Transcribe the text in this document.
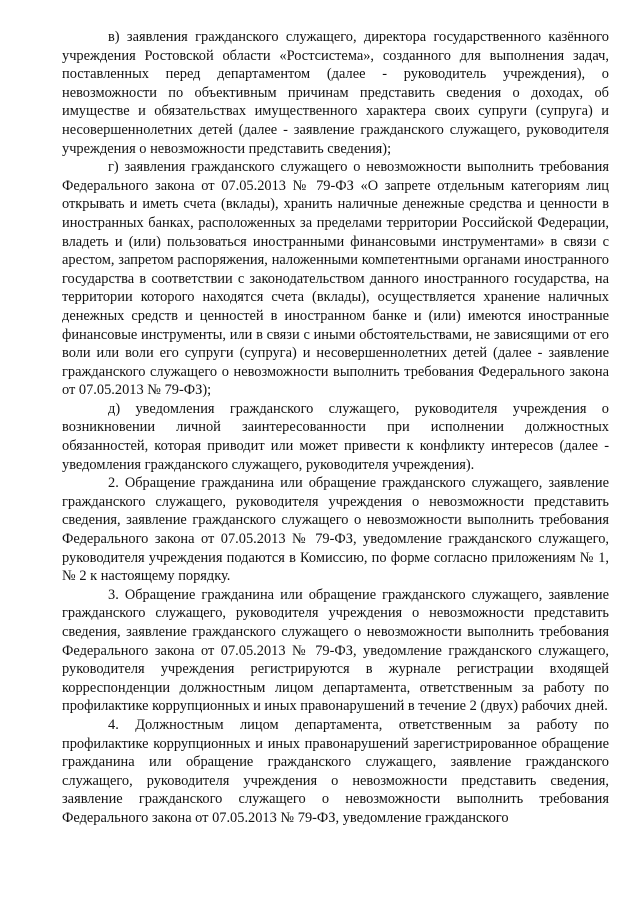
в) заявления гражданского служащего, директора государственного казённого учреждения Ростовской области «Ростсистема», созданного для выполнения задач, поставленных перед департаментом (далее - руководитель учреждения), о невозможности по объективным причинам представить сведения о доходах, об имуществе и обязательствах имущественного характера своих супруги (супруга) и несовершеннолетних детей (далее - заявление гражданского служащего, руководителя учреждения о невозможности представить сведения);

г) заявления гражданского служащего о невозможности выполнить требования Федерального закона от 07.05.2013 № 79-ФЗ «О запрете отдельным категориям лиц открывать и иметь счета (вклады), хранить наличные денежные средства и ценности в иностранных банках, расположенных за пределами территории Российской Федерации, владеть и (или) пользоваться иностранными финансовыми инструментами» в связи с арестом, запретом распоряжения, наложенными компетентными органами иностранного государства в соответствии с законодательством данного иностранного государства, на территории которого находятся счета (вклады), осуществляется хранение наличных денежных средств и ценностей в иностранном банке и (или) имеются иностранные финансовые инструменты, или в связи с иными обстоятельствами, не зависящими от его воли или воли его супруги (супруга) и несовершеннолетних детей (далее - заявление гражданского служащего о невозможности выполнить требования Федерального закона от 07.05.2013 № 79-ФЗ);

д) уведомления гражданского служащего, руководителя учреждения о возникновении личной заинтересованности при исполнении должностных обязанностей, которая приводит или может привести к конфликту интересов (далее - уведомления гражданского служащего, руководителя учреждения).

2. Обращение гражданина или обращение гражданского служащего, заявление гражданского служащего, руководителя учреждения о невозможности представить сведения, заявление гражданского служащего о невозможности выполнить требования Федерального закона от 07.05.2013 № 79-ФЗ, уведомление гражданского служащего, руководителя учреждения подаются в Комиссию, по форме согласно приложениям № 1, № 2 к настоящему порядку.

3. Обращение гражданина или обращение гражданского служащего, заявление гражданского служащего, руководителя учреждения о невозможности представить сведения, заявление гражданского служащего о невозможности выполнить требования Федерального закона от 07.05.2013 № 79-ФЗ, уведомление гражданского служащего, руководителя учреждения регистрируются в журнале регистрации входящей корреспонденции должностным лицом департамента, ответственным за работу по профилактике коррупционных и иных правонарушений в течение 2 (двух) рабочих дней.

4. Должностным лицом департамента, ответственным за работу по профилактике коррупционных и иных правонарушений зарегистрированное обращение гражданина или обращение гражданского служащего, заявление гражданского служащего, руководителя учреждения о невозможности представить сведения, заявление гражданского служащего о невозможности выполнить требования Федерального закона от 07.05.2013 № 79-ФЗ, уведомление гражданского
